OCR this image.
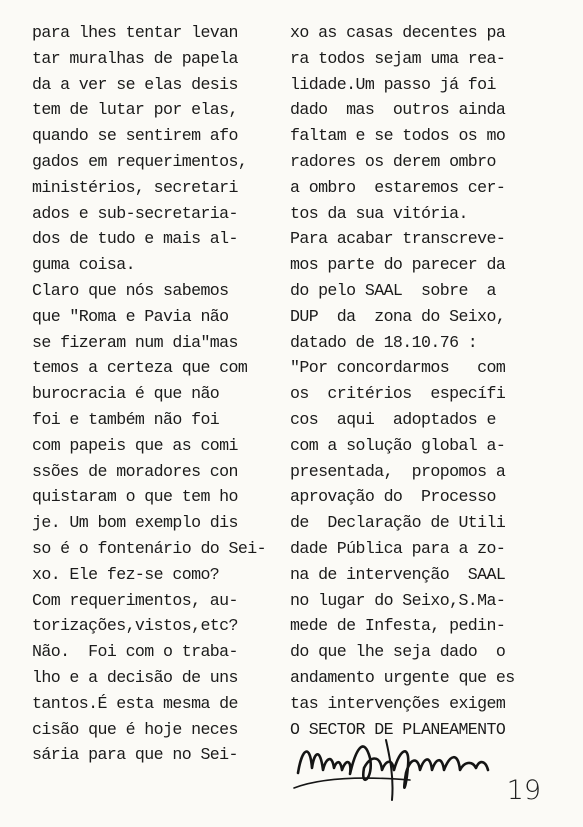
para lhes tentar levan
tar muralhas de papela
da a ver se elas desis
tem de lutar por elas,
quando se sentirem afo
gados em requerimentos,
ministérios, secretari
ados e sub-secretaria-
dos de tudo e mais al-
guma coisa.
Claro que nós sabemos
que "Roma e Pavia não
se fizeram num dia"mas
temos a certeza que com
burocracia é que não
foi e também não foi
com papeis que as comi
ssões de moradores con
quistaram o que tem ho
je. Um bom exemplo dis
so é o fontenário do Sei-
xo. Ele fez-se como?
Com requerimentos, au-
torizações,vistos,etc?
Não.  Foi com o traba-
lho e a decisão de uns
tantos.É esta mesma de
cisão que é hoje neces
sária para que no Sei-
xo as casas decentes pa
ra todos sejam uma rea-
lidade.Um passo já foi
dado  mas  outros ainda
faltam e se todos os mo
radores os derem ombro
a ombro  estaremos cer-
tos da sua vitória.
Para acabar transcreve-
mos parte do parecer da
do pelo SAAL  sobre  a
DUP  da  zona do Seixo,
datado de 18.10.76 :
"Por concordarmos   com
os  critérios  específi
cos  aqui  adoptados e
com a solução global a-
presentada,  propomos a
aprovação do  Processo
de  Declaração de Utili
dade Pública para a zo-
na de intervenção  SAAL
no lugar do Seixo,S.Ma-
mede de Infesta, pedin-
do que lhe seja dado  o
andamento urgente que es
tas intervenções exigem
O SECTOR DE PLANEAMENTO
19
